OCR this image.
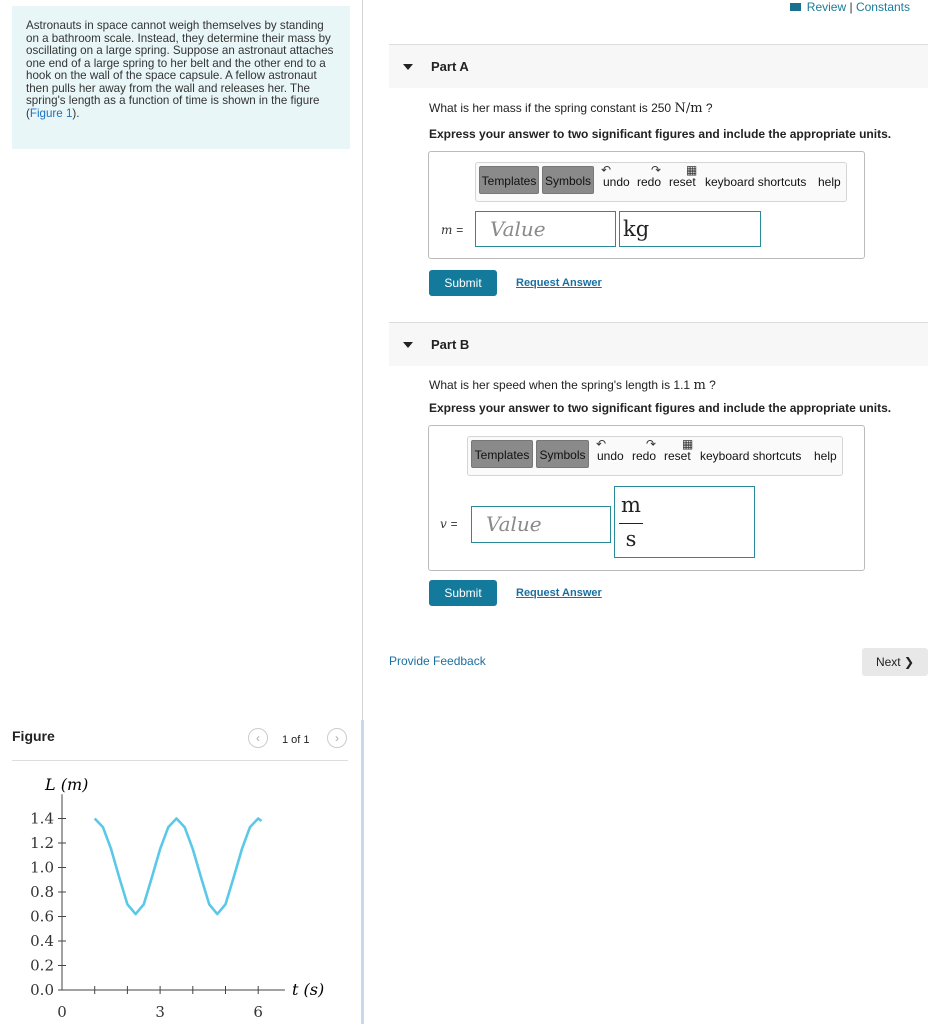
Review | Constants
Astronauts in space cannot weigh themselves by standing on a bathroom scale. Instead, they determine their mass by oscillating on a large spring. Suppose an astronaut attaches one end of a large spring to her belt and the other end to a hook on the wall of the space capsule. A fellow astronaut then pulls her away from the wall and releases her. The spring's length as a function of time is shown in the figure (Figure 1).
Part A
What is her mass if the spring constant is 250 N/m ?
Express your answer to two significant figures and include the appropriate units.
Templates Symbols
↶
undo
↷
redo
▦
reset keyboard shortcuts help
m =	Value	kg
Submit	Request Answer
Part B
What is her speed when the spring's length is 1.1 m ?
Express your answer to two significant figures and include the appropriate units.
Templates Symbols
↶
undo
↷
redo
▦
reset keyboard shortcuts help
v =	Value
m
s
Submit	Request Answer
Provide Feedback	Next ❯
Figure	‹	1 of 1	›
L (m)
1.4
1.2
1.0
0.8
0.6
0.4
0.2
0.0
0	3	6
t (s)
